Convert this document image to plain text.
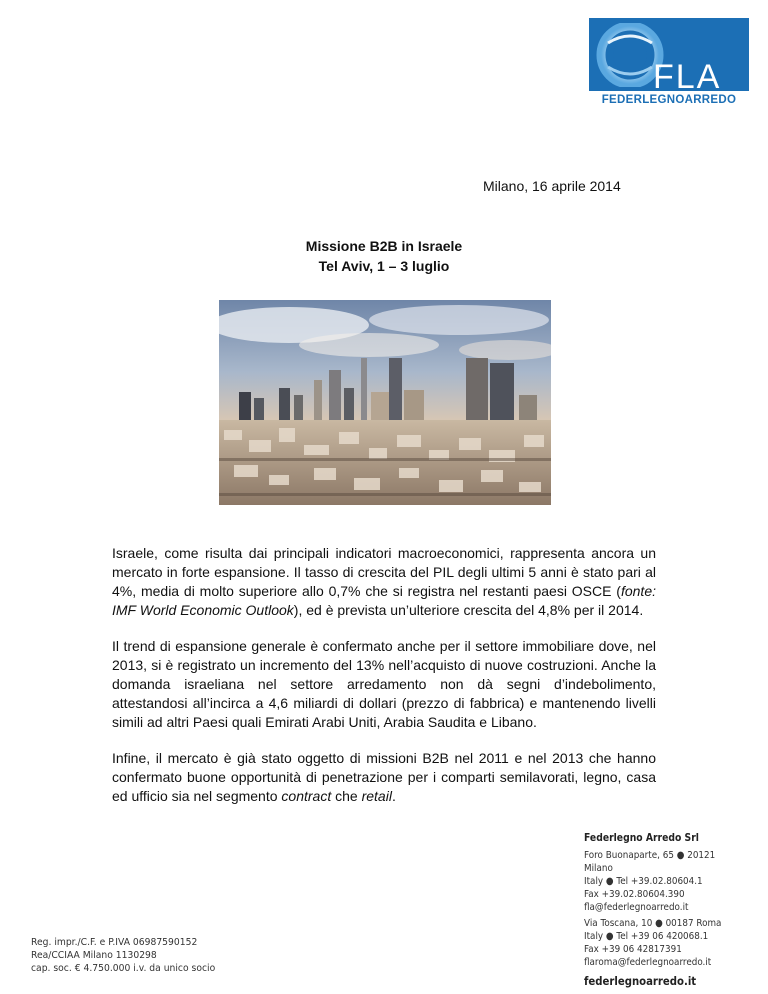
FLA
FEDERLEGNOARREDO
Milano, 16 aprile 2014
Missione B2B in Israele
Tel Aviv, 1 – 3 luglio

Israele, come risulta dai principali indicatori macroeconomici, rappresenta ancora un mercato in forte espansione. Il tasso di crescita del PIL degli ultimi 5 anni è stato pari al 4%, media di molto superiore allo 0,7% che si registra nel restanti paesi OSCE (fonte: IMF World Economic Outlook), ed è prevista un’ulteriore crescita del 4,8% per il 2014.

Il trend di espansione generale è confermato anche per il settore immobiliare dove, nel 2013, si è registrato un incremento del 13% nell’acquisto di nuove costruzioni. Anche la domanda israeliana nel settore arredamento non dà segni d’indebolimento, attestandosi all’incirca a 4,6 miliardi di dollari (prezzo di fabbrica) e mantenendo livelli simili ad altri Paesi quali Emirati Arabi Uniti, Arabia Saudita e Libano.

Infine, il mercato è già stato oggetto di missioni B2B nel 2011 e nel 2013 che hanno confermato buone opportunità di penetrazione per i comparti semilavorati, legno, casa ed ufficio sia nel segmento contract che retail.

Reg. impr./C.F. e P.IVA 06987590152
Rea/CCIAA Milano 1130298
cap. soc. € 4.750.000 i.v. da unico socio
Federlegno Arredo Srl
Foro Buonaparte, 65 ● 20121 Milano
Italy ● Tel +39.02.80604.1
Fax +39.02.80604.390
fla@federlegnoarredo.it
Via Toscana, 10 ● 00187 Roma
Italy ● Tel +39 06 420068.1
Fax +39 06 42817391
flaroma@federlegnoarredo.it
federlegnoarredo.it
